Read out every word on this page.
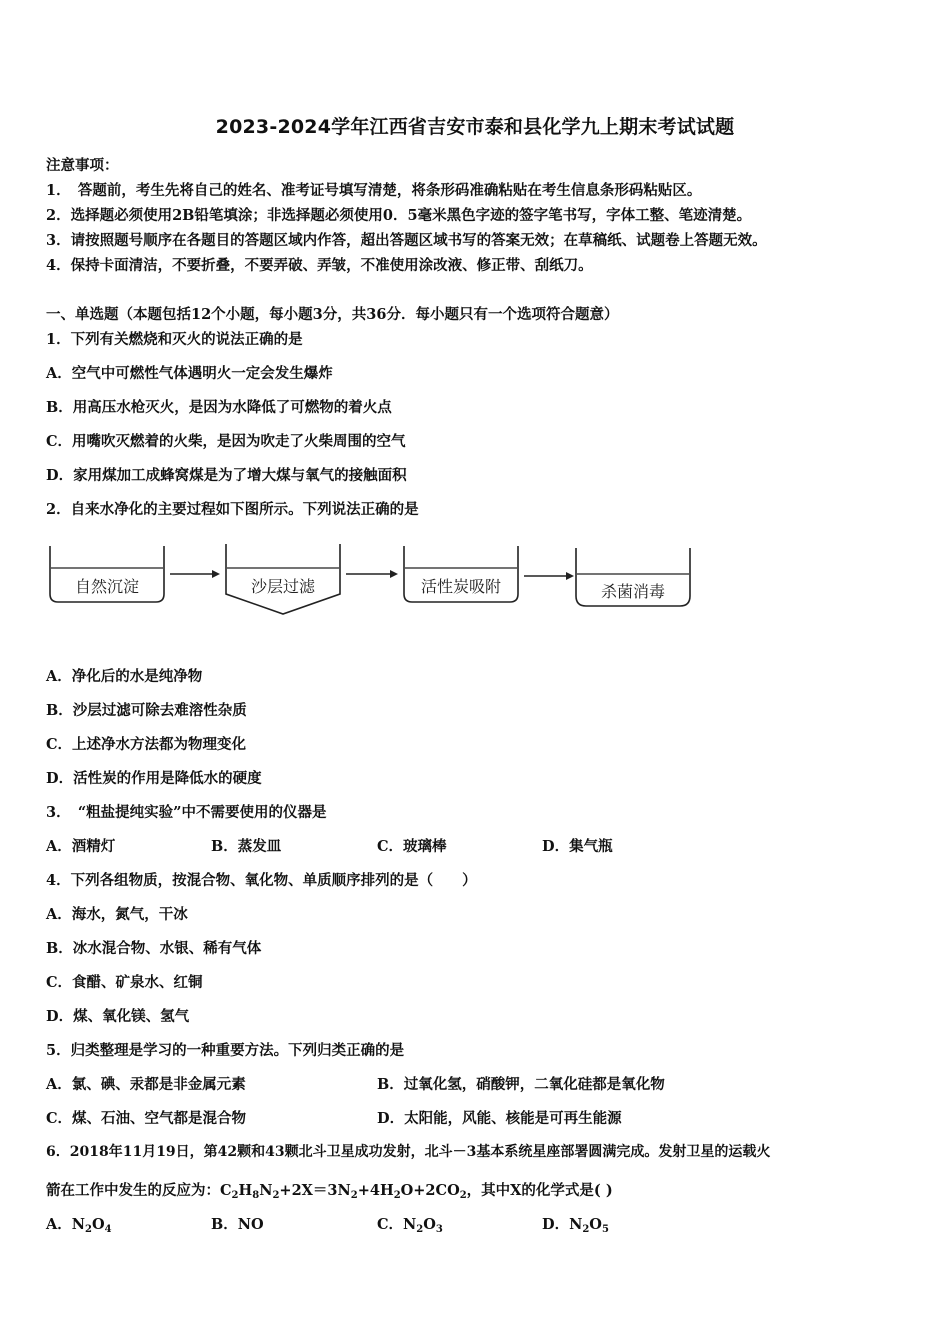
2023-2024学年江西省吉安市泰和县化学九上期末考试试题
注意事项：
1．　答题前，考生先将自己的姓名、准考证号填写清楚，将条形码准确粘贴在考生信息条形码粘贴区。
2．选择题必须使用2B铅笔填涂；非选择题必须使用0．5毫米黑色字迹的签字笔书写，字体工整、笔迹清楚。
3．请按照题号顺序在各题目的答题区域内作答，超出答题区域书写的答案无效；在草稿纸、试题卷上答题无效。
4．保持卡面清洁，不要折叠，不要弄破、弄皱，不准使用涂改液、修正带、刮纸刀。
一、单选题（本题包括12个小题，每小题3分，共36分．每小题只有一个选项符合题意）
1．下列有关燃烧和灭火的说法正确的是
A．空气中可燃性气体遇明火一定会发生爆炸
B．用高压水枪灭火，是因为水降低了可燃物的着火点
C．用嘴吹灭燃着的火柴，是因为吹走了火柴周围的空气
D．家用煤加工成蜂窝煤是为了增大煤与氧气的接触面积
2．自来水净化的主要过程如下图所示。下列说法正确的是
自然沉淀	沙层过滤	活性炭吸附	杀菌消毒
A．净化后的水是纯净物
B．沙层过滤可除去难溶性杂质
C．上述净水方法都为物理变化
D．活性炭的作用是降低水的硬度
3．　“粗盐提纯实验”中不需要使用的仪器是
A．酒精灯	B．蒸发皿	C．玻璃棒	D．集气瓶
4．下列各组物质，按混合物、氧化物、单质顺序排列的是（　　）
A．海水，氮气，干冰
B．冰水混合物、水银、稀有气体
C．食醋、矿泉水、红铜
D．煤、氧化镁、氢气
5．归类整理是学习的一种重要方法。下列归类正确的是
A．氯、碘、汞都是非金属元素	B．过氧化氢，硝酸钾，二氧化硅都是氧化物
C．煤、石油、空气都是混合物	D．太阳能，风能、核能是可再生能源
6．2018年11月19日，第42颗和43颗北斗卫星成功发射，北斗－3基本系统星座部署圆满完成。发射卫星的运载火
箭在工作中发生的反应为：$C_2H_8N_2+2X=3N_2+4H_2O+2CO_2$，其中X的化学式是( )
A．$N_2O_4$	B．NO	C．$N_2O_3$	D．$N_2O_5$
